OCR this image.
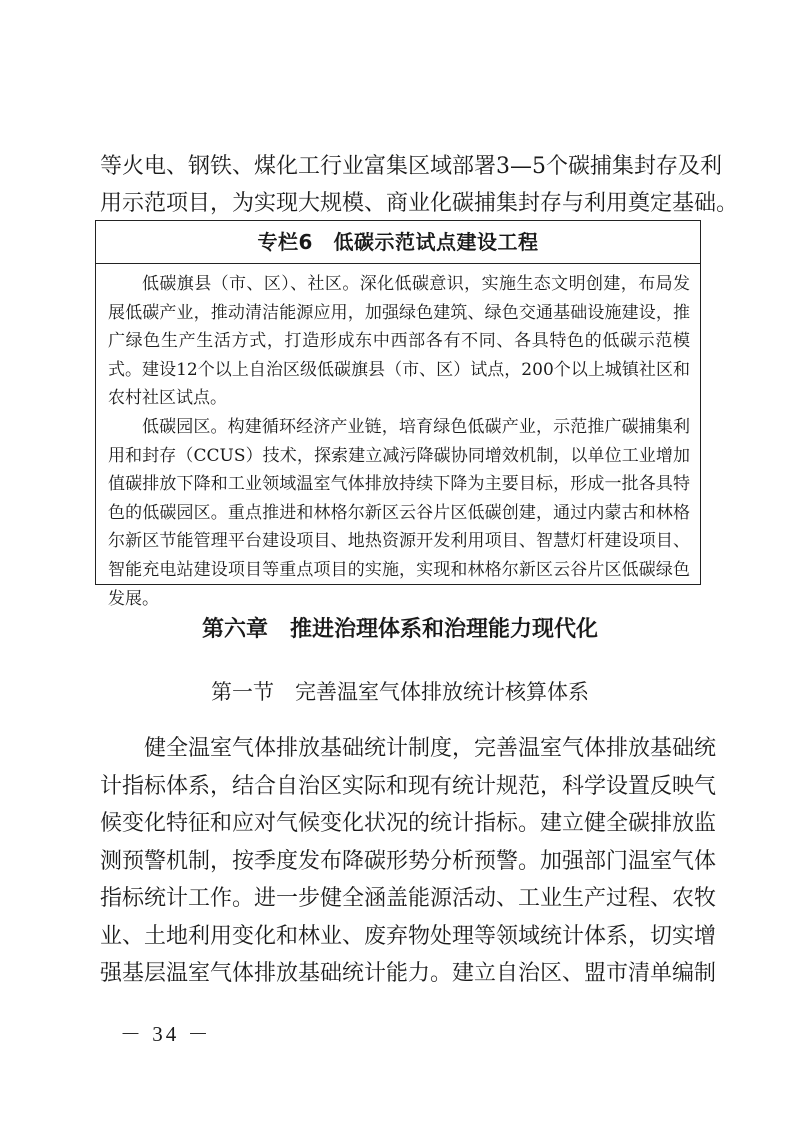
等火电、钢铁、煤化工行业富集区域部署3—5个碳捕集封存及利
用示范项目，为实现大规模、商业化碳捕集封存与利用奠定基础。
专栏6　低碳示范试点建设工程

低碳旗县（市、区）、社区。深化低碳意识，实施生态文明创建，布局发展低碳产业，推动清洁能源应用，加强绿色建筑、绿色交通基础设施建设，推广绿色生产生活方式，打造形成东中西部各有不同、各具特色的低碳示范模式。建设12个以上自治区级低碳旗县（市、区）试点，200个以上城镇社区和农村社区试点。

低碳园区。构建循环经济产业链，培育绿色低碳产业，示范推广碳捕集利用和封存（CCUS）技术，探索建立减污降碳协同增效机制，以单位工业增加值碳排放下降和工业领域温室气体排放持续下降为主要目标，形成一批各具特色的低碳园区。重点推进和林格尔新区云谷片区低碳创建，通过内蒙古和林格尔新区节能管理平台建设项目、地热资源开发利用项目、智慧灯杆建设项目、智能充电站建设项目等重点项目的实施，实现和林格尔新区云谷片区低碳绿色发展。

第六章　推进治理体系和治理能力现代化
第一节　完善温室气体排放统计核算体系
健全温室气体排放基础统计制度，完善温室气体排放基础统
计指标体系，结合自治区实际和现有统计规范，科学设置反映气
候变化特征和应对气候变化状况的统计指标。建立健全碳排放监
测预警机制，按季度发布降碳形势分析预警。加强部门温室气体
指标统计工作。进一步健全涵盖能源活动、工业生产过程、农牧
业、土地利用变化和林业、废弃物处理等领域统计体系，切实增
强基层温室气体排放基础统计能力。建立自治区、盟市清单编制
－ 34 －
